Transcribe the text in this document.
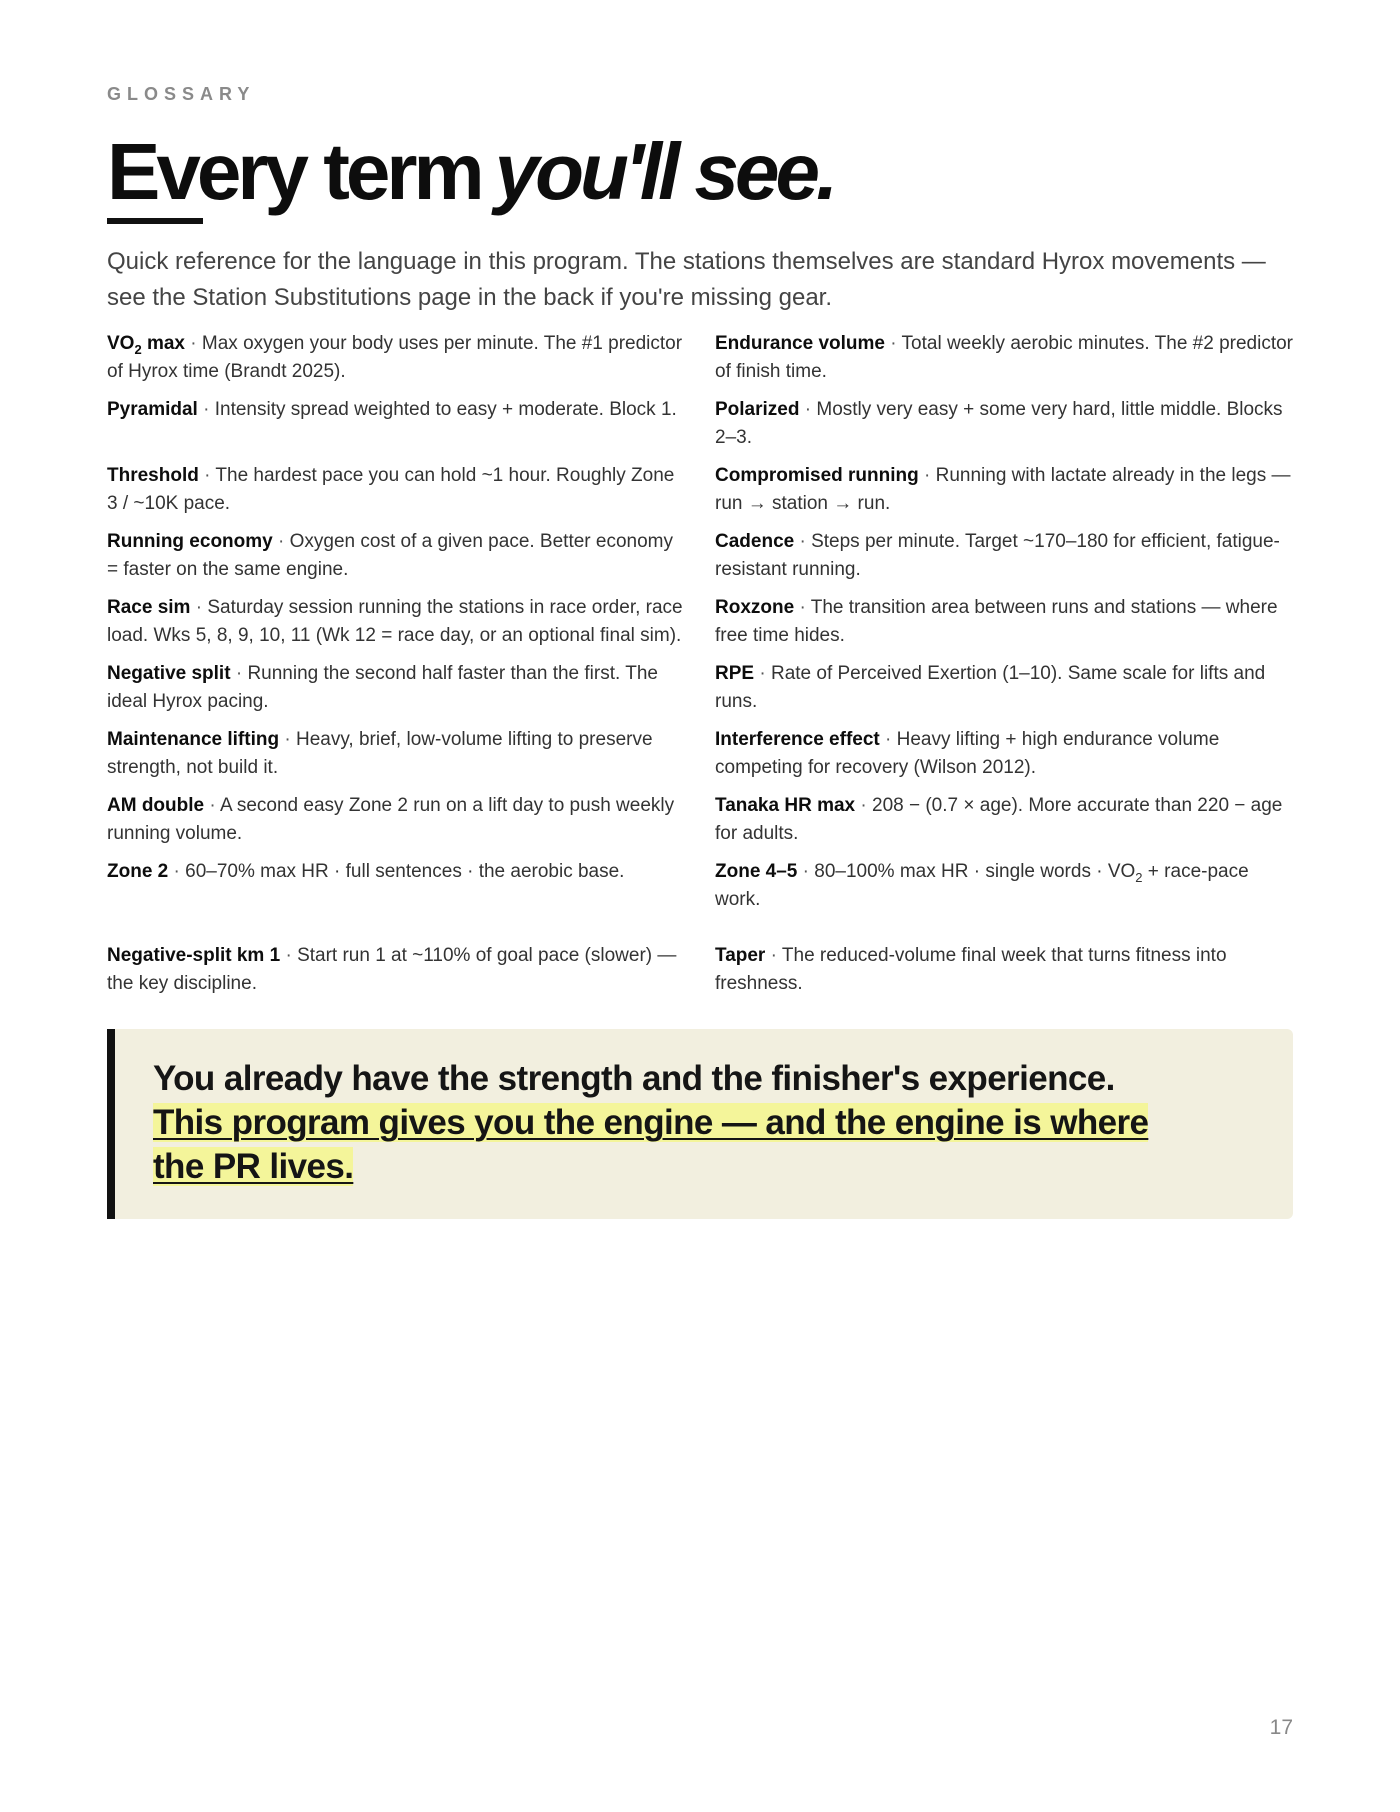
GLOSSARY
Every term you'll see.

Quick reference for the language in this program. The stations themselves are standard Hyrox movements — see the Station Substitutions page in the back if you're missing gear.

$VO_2$ max · Max oxygen your body uses per minute. The #1 predictor of Hyrox time (Brandt 2025).
Endurance volume · Total weekly aerobic minutes. The #2 predictor of finish time.
Pyramidal · Intensity spread weighted to easy + moderate. Block 1.	Polarized · Mostly very easy + some very hard, little middle. Blocks 2–3.
Threshold · The hardest pace you can hold ~1 hour. Roughly Zone 3 / ~10K pace.
Compromised running · Running with lactate already in the legs — run → station → run.
Running economy · Oxygen cost of a given pace. Better economy = faster on the same engine.
Cadence · Steps per minute. Target ~170–180 for efficient, fatigue-resistant running.
Race sim · Saturday session running the stations in race order, race load. Wks 5, 8, 9, 10, 11 (Wk 12 = race day, or an optional final sim).
Roxzone · The transition area between runs and stations — where free time hides.
Negative split · Running the second half faster than the first. The ideal Hyrox pacing.
RPE · Rate of Perceived Exertion (1–10). Same scale for lifts and runs.
Maintenance lifting · Heavy, brief, low-volume lifting to preserve strength, not build it.
Interference effect · Heavy lifting + high endurance volume competing for recovery (Wilson 2012).
AM double · A second easy Zone 2 run on a lift day to push weekly running volume.
Tanaka HR max · 208 − (0.7 × age). More accurate than 220 − age for adults.
Zone 2 · 60–70% max HR · full sentences · the aerobic base.	Zone 4–5 · 80–100% max HR · single words · $VO_2$ + race-pace work.
Negative-split km 1 · Start run 1 at ~110% of goal pace (slower) — the key discipline.
Taper · The reduced-volume final week that turns fitness into freshness.

You already have the strength and the finisher's experience. This program gives you the engine — and the engine is where the PR lives.

17
